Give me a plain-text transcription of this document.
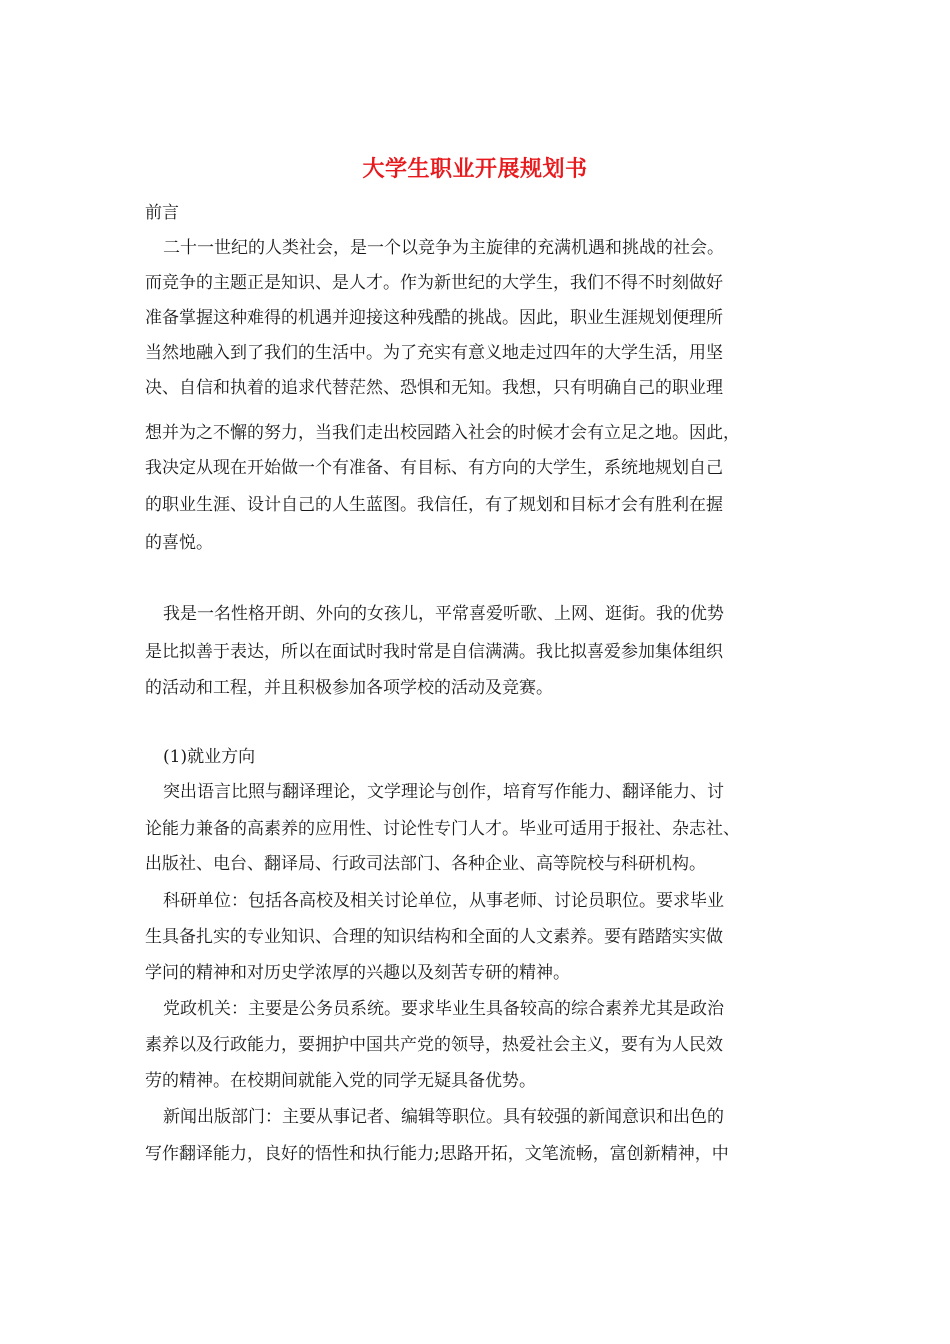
大学生职业开展规划书
前言
二十一世纪的人类社会，是一个以竞争为主旋律的充满机遇和挑战的社会。
而竞争的主题正是知识、是人才。作为新世纪的大学生，我们不得不时刻做好
准备掌握这种难得的机遇并迎接这种残酷的挑战。因此，职业生涯规划便理所
当然地融入到了我们的生活中。为了充实有意义地走过四年的大学生活，用坚
决、自信和执着的追求代替茫然、恐惧和无知。我想，只有明确自己的职业理
想并为之不懈的努力，当我们走出校园踏入社会的时候才会有立足之地。因此，
我决定从现在开始做一个有准备、有目标、有方向的大学生，系统地规划自己
的职业生涯、设计自己的人生蓝图。我信任，有了规划和目标才会有胜利在握
的喜悦。
我是一名性格开朗、外向的女孩儿，平常喜爱听歌、上网、逛街。我的优势
是比拟善于表达，所以在面试时我时常是自信满满。我比拟喜爱参加集体组织
的活动和工程，并且积极参加各项学校的活动及竞赛。
(1)就业方向
突出语言比照与翻译理论，文学理论与创作，培育写作能力、翻译能力、讨
论能力兼备的高素养的应用性、讨论性专门人才。毕业可适用于报社、杂志社、
出版社、电台、翻译局、行政司法部门、各种企业、高等院校与科研机构。
科研单位：包括各高校及相关讨论单位，从事老师、讨论员职位。要求毕业
生具备扎实的专业知识、合理的知识结构和全面的人文素养。要有踏踏实实做
学问的精神和对历史学浓厚的兴趣以及刻苦专研的精神。
党政机关：主要是公务员系统。要求毕业生具备较高的综合素养尤其是政治
素养以及行政能力，要拥护中国共产党的领导，热爱社会主义，要有为人民效
劳的精神。在校期间就能入党的同学无疑具备优势。
新闻出版部门：主要从事记者、编辑等职位。具有较强的新闻意识和出色的
写作翻译能力，良好的悟性和执行能力;思路开拓，文笔流畅，富创新精神，中
